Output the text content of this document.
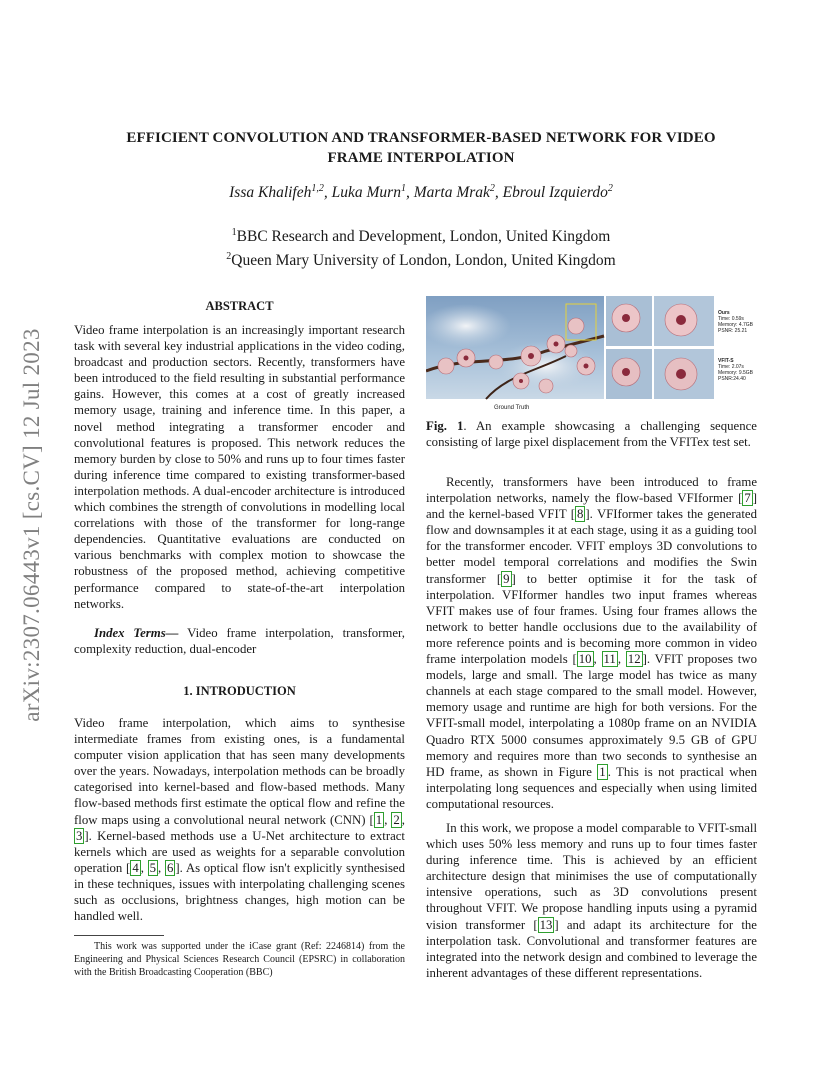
arXiv:2307.06443v1 [cs.CV] 12 Jul 2023
EFFICIENT CONVOLUTION AND TRANSFORMER-BASED NETWORK FOR VIDEO
FRAME INTERPOLATION
Issa Khalifeh$^{1,2}$, Luka Murn$^1$, Marta Mrak$^2$, Ebroul Izquierdo$^2$
$^1$BBC Research and Development, London, United Kingdom
$^2$Queen Mary University of London, London, United Kingdom
ABSTRACT
Video frame interpolation is an increasingly important research task with several key industrial applications in the video coding, broadcast and production sectors. Recently, transformers have been introduced to the field resulting in substantial performance gains. However, this comes at a cost of greatly increased memory usage, training and inference time. In this paper, a novel method integrating a transformer encoder and convolutional features is proposed. This network reduces the memory burden by close to 50% and runs up to four times faster during inference time compared to existing transformer-based interpolation methods. A dual-encoder architecture is introduced which combines the strength of convolutions in modelling local correlations with those of the transformer for long-range dependencies. Quantitative evaluations are conducted on various benchmarks with complex motion to showcase the robustness of the proposed method, achieving competitive performance compared to state-of-the-art interpolation networks.
Index Terms— Video frame interpolation, transformer, complexity reduction, dual-encoder
1. INTRODUCTION
Video frame interpolation, which aims to synthesise intermediate frames from existing ones, is a fundamental computer vision application that has seen many developments over the years. Nowadays, interpolation methods can be broadly categorised into kernel-based and flow-based methods. Many flow-based methods first estimate the optical flow and refine the flow maps using a convolutional neural network (CNN) [ 1 , 2 , 3 ]. Kernel-based methods use a U-Net architecture to extract kernels which are used as weights for a separable convolution operation [ 4 , 5 , 6 ]. As optical flow isn't explicitly synthesised in these techniques, issues with interpolating challenging scenes such as occlusions, brightness changes, high motion can be handled well.
This work was supported under the iCase grant (Ref: 2246814) from the Engineering and Physical Sciences Research Council (EPSRC) in collaboration with the British Broadcasting Cooperation (BBC)
Ours
Time: 0.59s
Memory: 4.7GB
PSNR: 25.21
VFIT-S
Time: 2.07s
Memory: 9.5GB
PSNR:24.40
Ground Truth
Fig. 1. An example showcasing a challenging sequence consisting of large pixel displacement from the VFITex test set.
Recently, transformers have been introduced to frame interpolation networks, namely the flow-based VFIformer [ 7 ] and the kernel-based VFIT [ 8 ]. VFIformer takes the generated flow and downsamples it at each stage, using it as a guiding tool for the transformer encoder. VFIT employs 3D convolutions to better model temporal correlations and modifies the Swin transformer [ 9 ] to better optimise it for the task of interpolation. VFIformer handles two input frames whereas VFIT makes use of four frames. Using four frames allows the network to better handle occlusions due to the availability of more reference points and is becoming more common in video frame interpolation models [ 10 , 11 , 12 ]. VFIT proposes two models, large and small. The large model has twice as many channels at each stage compared to the small model. However, memory usage and runtime are high for both versions. For the VFIT-small model, interpolating a 1080p frame on an NVIDIA Quadro RTX 5000 consumes approximately 9.5 GB of GPU memory and requires more than two seconds to synthesise an HD frame, as shown in Figure 1 . This is not practical when interpolating long sequences and especially when using limited computational resources.
In this work, we propose a model comparable to VFIT-small which uses 50% less memory and runs up to four times faster during inference time. This is achieved by an efficient architecture design that minimises the use of computationally intensive operations, such as 3D convolutions present throughout VFIT. We propose handling inputs using a pyramid vision transformer [ 13 ] and adapt its architecture for the interpolation task. Convolutional and transformer features are integrated into the network design and combined to leverage the inherent advantages of these different representations.
